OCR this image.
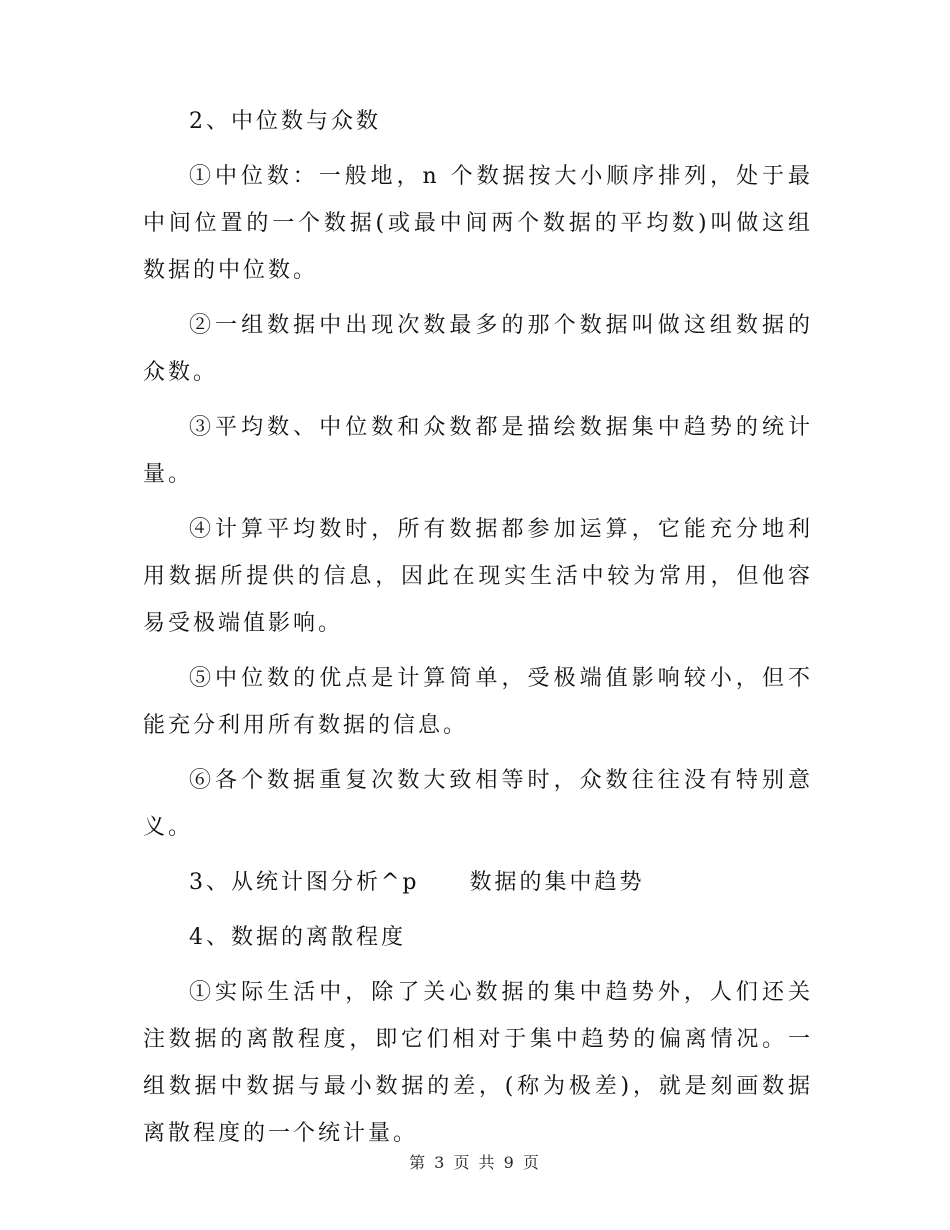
2、中位数与众数

①中位数：一般地，n 个数据按大小顺序排列，处于最中间位置的一个数据(或最中间两个数据的平均数)叫做这组数据的中位数。

②一组数据中出现次数最多的那个数据叫做这组数据的众数。

③平均数、中位数和众数都是描绘数据集中趋势的统计量。

④计算平均数时，所有数据都参加运算，它能充分地利用数据所提供的信息，因此在现实生活中较为常用，但他容易受极端值影响。

⑤中位数的优点是计算简单，受极端值影响较小，但不能充分利用所有数据的信息。

⑥各个数据重复次数大致相等时，众数往往没有特别意义。

3、从统计图分析^p　　数据的集中趋势

4、数据的离散程度

①实际生活中，除了关心数据的集中趋势外，人们还关注数据的离散程度，即它们相对于集中趋势的偏离情况。一组数据中数据与最小数据的差，(称为极差)，就是刻画数据离散程度的一个统计量。

第 3 页 共 9 页
